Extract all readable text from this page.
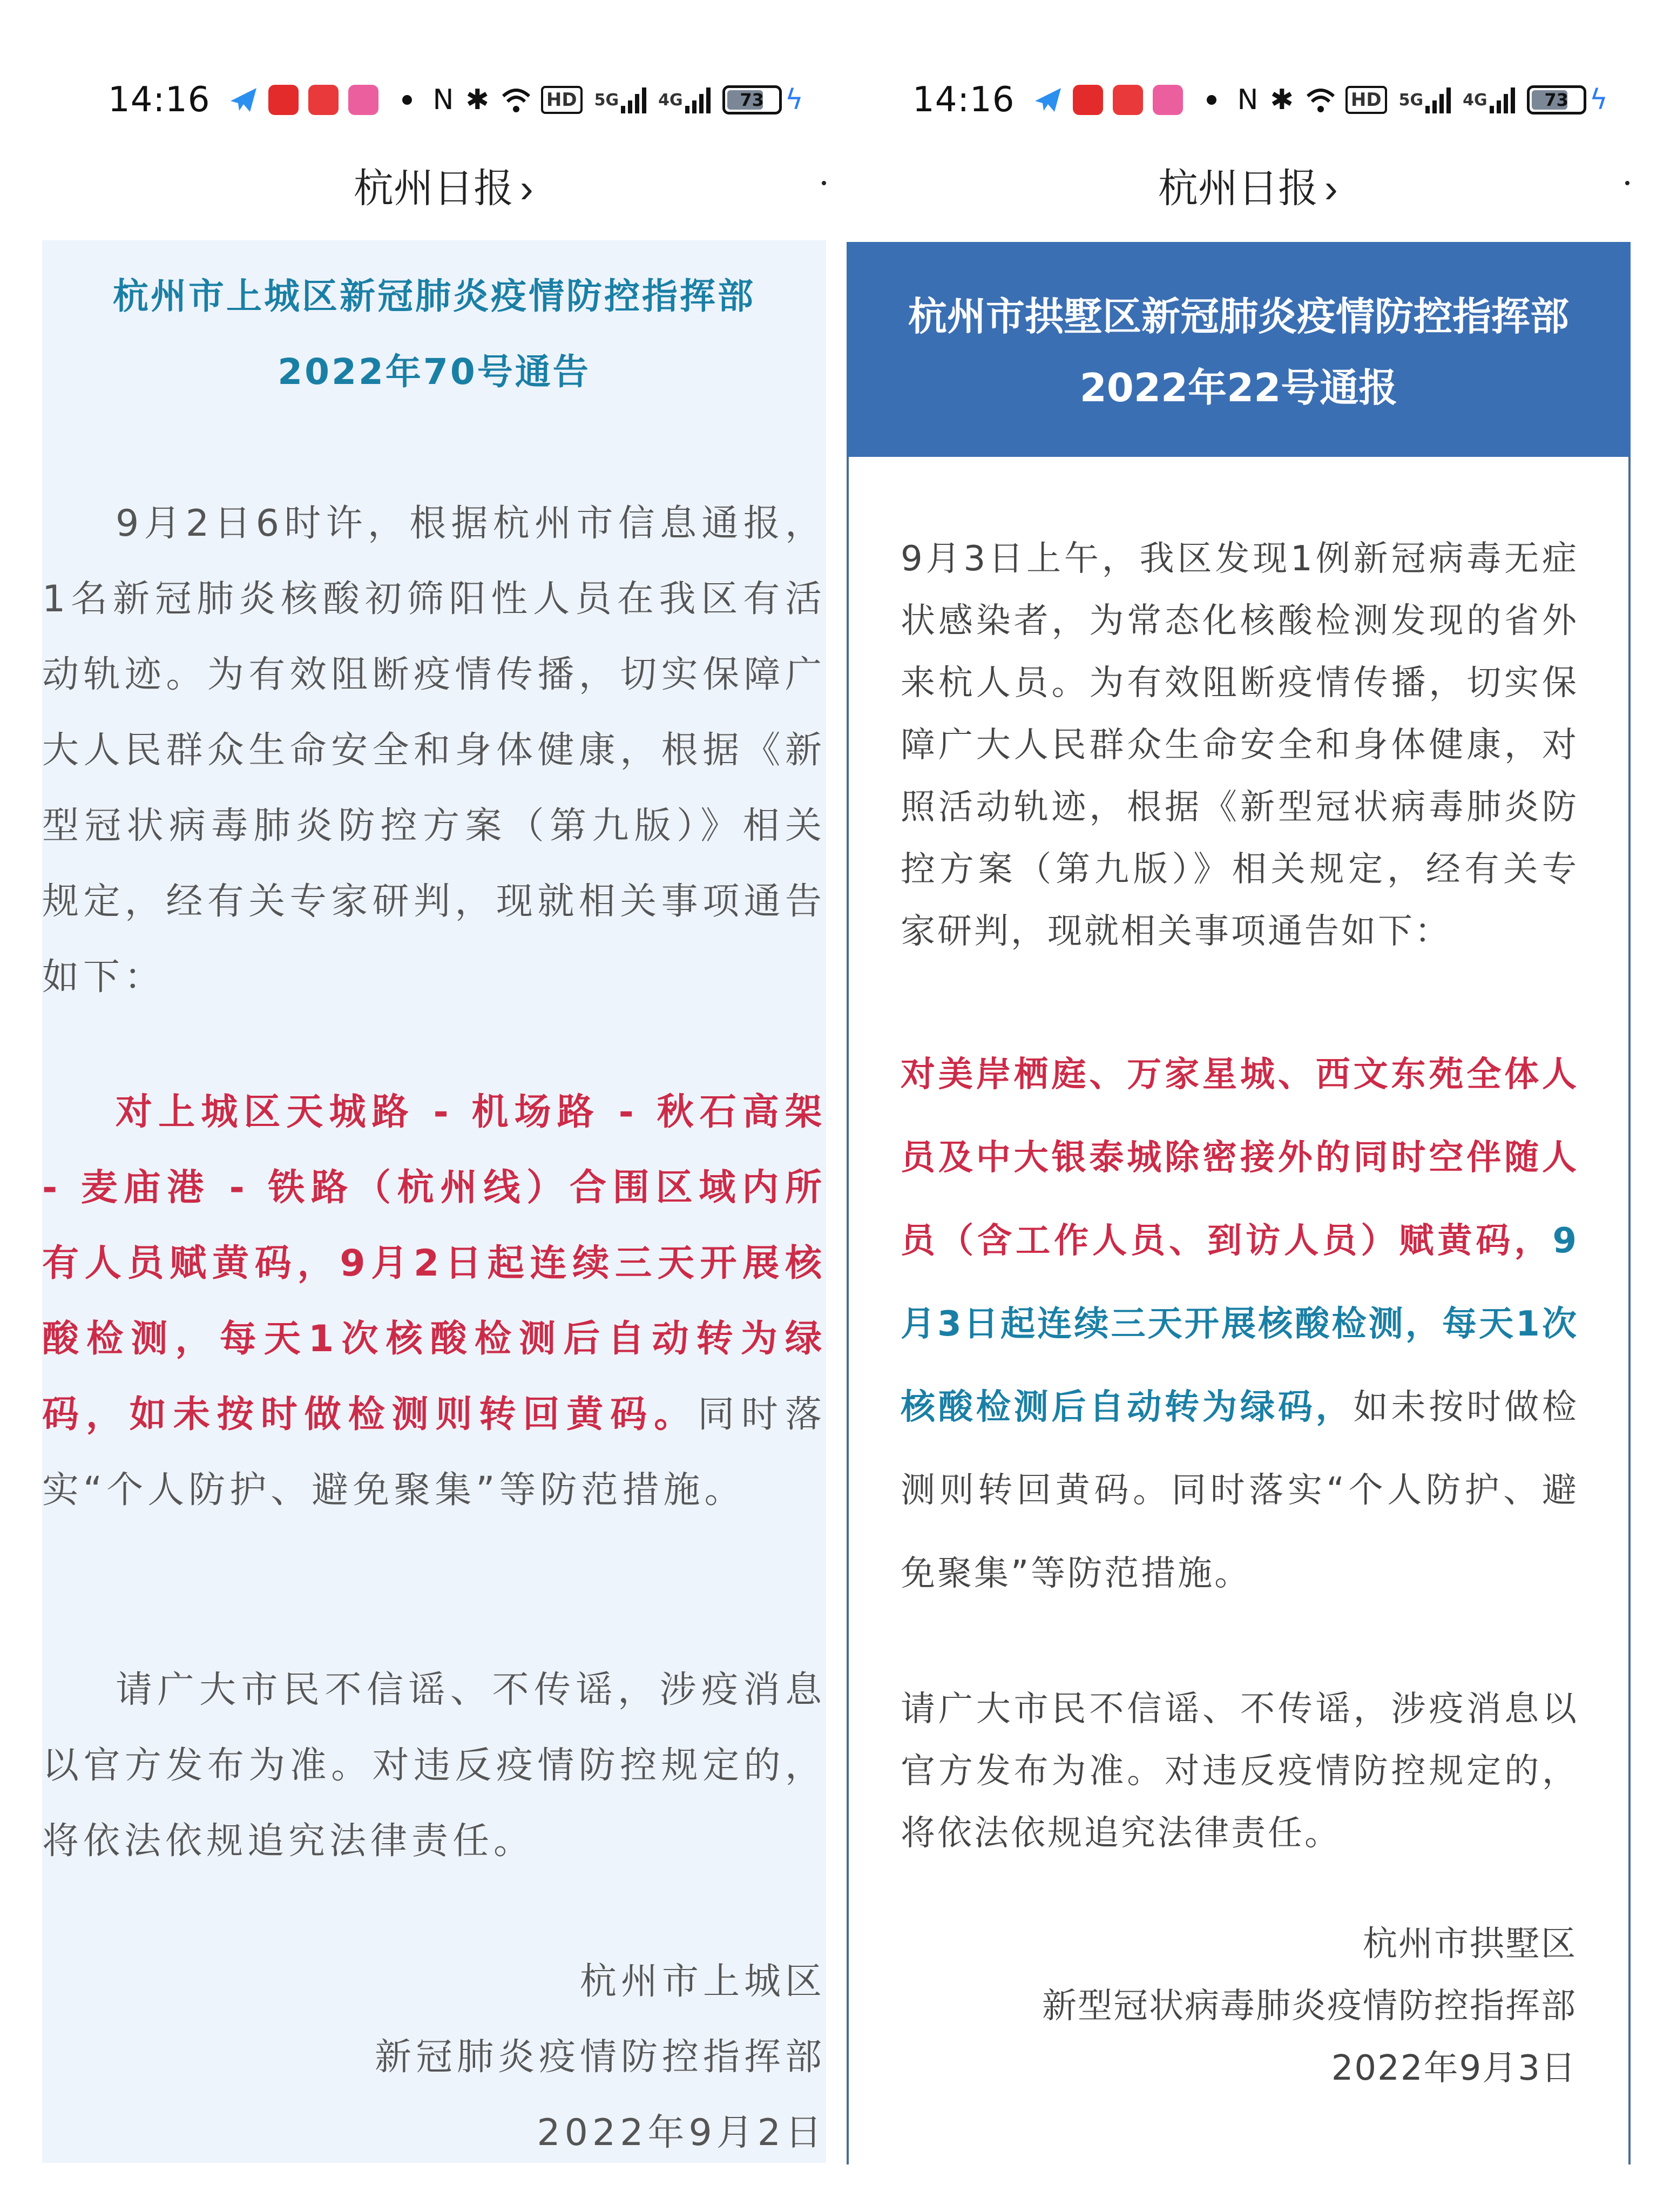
14:16	N ✱	HD	5G 4G	73 ϟ	14:16	N ✱	HD	5G 4G	73 ϟ
杭州日报 ›	杭州日报 ›
杭州市上城区新冠肺炎疫情防控指挥部
2022年70号通告

9月2日6时许，根据杭州市信息通报，1名新冠肺炎核酸初筛阳性人员在我区有活动轨迹。为有效阻断疫情传播，切实保障广大人民群众生命安全和身体健康，根据《新型冠状病毒肺炎防控方案（第九版）》相关规定，经有关专家研判，现就相关事项通告如下：

对上城区天城路 - 机场路 - 秋石高架 - 麦庙港 - 铁路（杭州线）合围区域内所有人员赋黄码，9月2日起连续三天开展核酸检测，每天1次核酸检测后自动转为绿码，如未按时做检测则转回黄码。同时落实“个人防护、避免聚集”等防范措施。

请广大市民不信谣、不传谣，涉疫消息以官方发布为准。对违反疫情防控规定的，将依法依规追究法律责任。

杭州市上城区
新冠肺炎疫情防控指挥部
2022年9月2日
杭州市拱墅区新冠肺炎疫情防控指挥部
2022年22号通报

9月3日上午，我区发现1例新冠病毒无症状感染者，为常态化核酸检测发现的省外来杭人员。为有效阻断疫情传播，切实保障广大人民群众生命安全和身体健康，对照活动轨迹，根据《新型冠状病毒肺炎防控方案（第九版）》相关规定，经有关专家研判，现就相关事项通告如下：

对美岸栖庭、万家星城、西文东苑全体人员及中大银泰城除密接外的同时空伴随人员（含工作人员、到访人员）赋黄码，9月3日起连续三天开展核酸检测，每天1次核酸检测后自动转为绿码，如未按时做检测则转回黄码。同时落实“个人防护、避免聚集”等防范措施。

请广大市民不信谣、不传谣，涉疫消息以官方发布为准。对违反疫情防控规定的，将依法依规追究法律责任。

杭州市拱墅区
新型冠状病毒肺炎疫情防控指挥部
2022年9月3日
